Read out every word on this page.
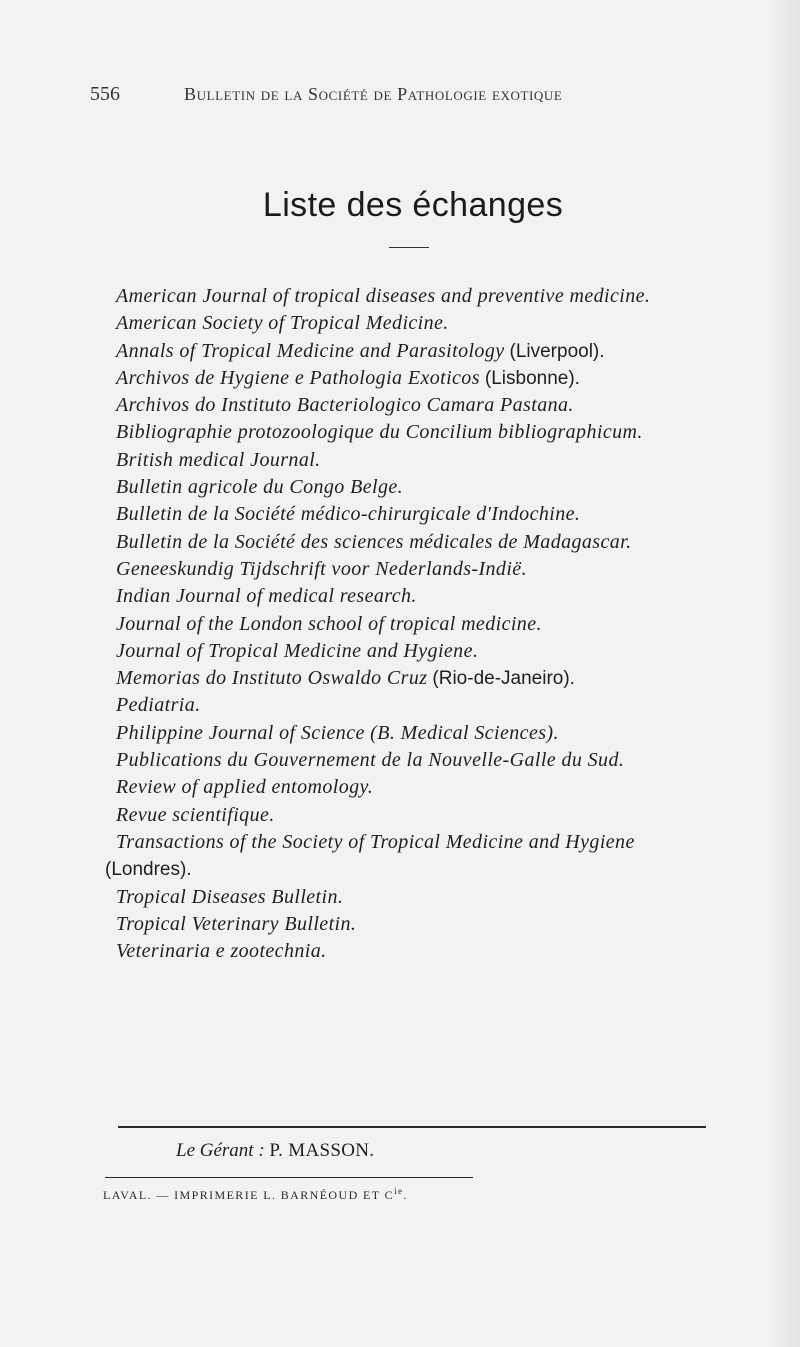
556	Bulletin de la Société de Pathologie exotique
Liste des échanges
American Journal of tropical diseases and preventive medicine.
American Society of Tropical Medicine.
Annals of Tropical Medicine and Parasitology (Liverpool).
Archivos de Hygiene e Pathologia Exoticos (Lisbonne).
Archivos do Instituto Bacteriologico Camara Pastana.
Bibliographie protozoologique du Concilium bibliographicum.
British medical Journal.
Bulletin agricole du Congo Belge.
Bulletin de la Société médico-chirurgicale d'Indochine.
Bulletin de la Société des sciences médicales de Madagascar.
Geneeskundig Tijdschrift voor Nederlands-Indië.
Indian Journal of medical research.
Journal of the London school of tropical medicine.
Journal of Tropical Medicine and Hygiene.
Memorias do Instituto Oswaldo Cruz (Rio-de-Janeiro).
Pediatria.
Philippine Journal of Science (B. Medical Sciences).
Publications du Gouvernement de la Nouvelle-Galle du Sud.
Review of applied entomology.
Revue scientifique.
Transactions of the Society of Tropical Medicine and Hygiene
(Londres).
Tropical Diseases Bulletin.
Tropical Veterinary Bulletin.
Veterinaria e zootechnia.
Le Gérant : P. MASSON.
LAVAL. — IMPRIMERIE L. BARNÉOUD ET $C^{ie}$.
